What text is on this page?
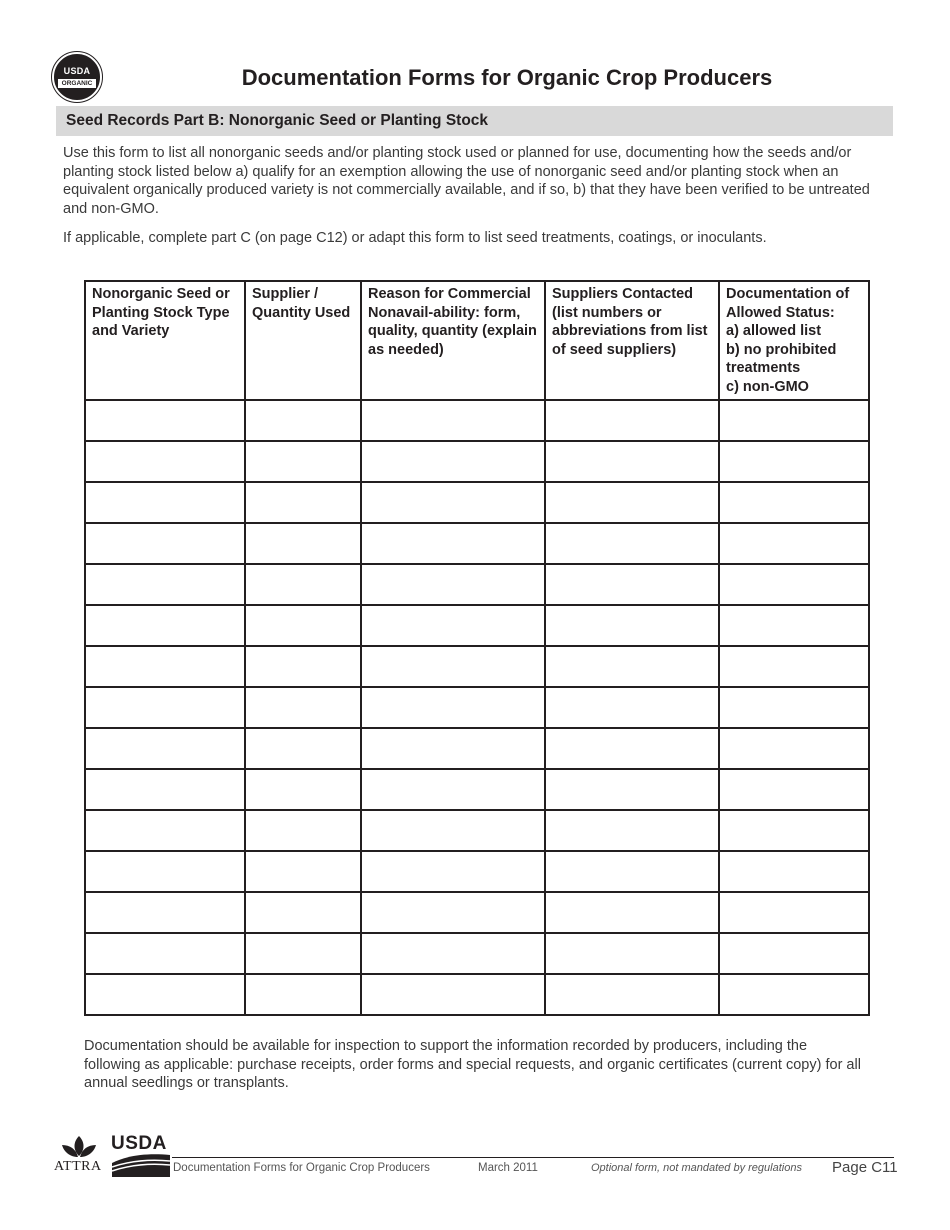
USDA
ORGANIC	Documentation Forms for Organic Crop Producers
Seed Records Part B: Nonorganic Seed or Planting Stock

Use this form to list all nonorganic seeds and/or planting stock used or planned for use, documenting how the seeds and/or planting stock listed below a) qualify for an exemption allowing the use of nonorganic seed and/or planting stock when an equivalent organically produced variety is not commercially available, and if so, b) that they have been verified to be untreated and non-GMO.

If applicable, complete part C (on page C12) or adapt this form to list seed treatments, coatings, or inoculants.

Nonorganic Seed or Planting Stock Type and Variety	Supplier / Quantity Used	Reason for Commercial Nonavail-ability: form, quality, quantity (explain as needed)	Suppliers Contacted (list numbers or abbreviations from list of seed suppliers)	Documentation of Allowed Status:
a) allowed list
b) no prohibited treatments
c) non-GMO

Documentation should be available for inspection to support the information recorded by producers, including the following as applicable: purchase receipts, order forms and special requests, and organic certificates (current copy) for all annual seedlings or transplants.

ATTRA
USDA
Documentation Forms for Organic Crop Producers	March 2011	Optional form, not mandated by regulations Page C11
